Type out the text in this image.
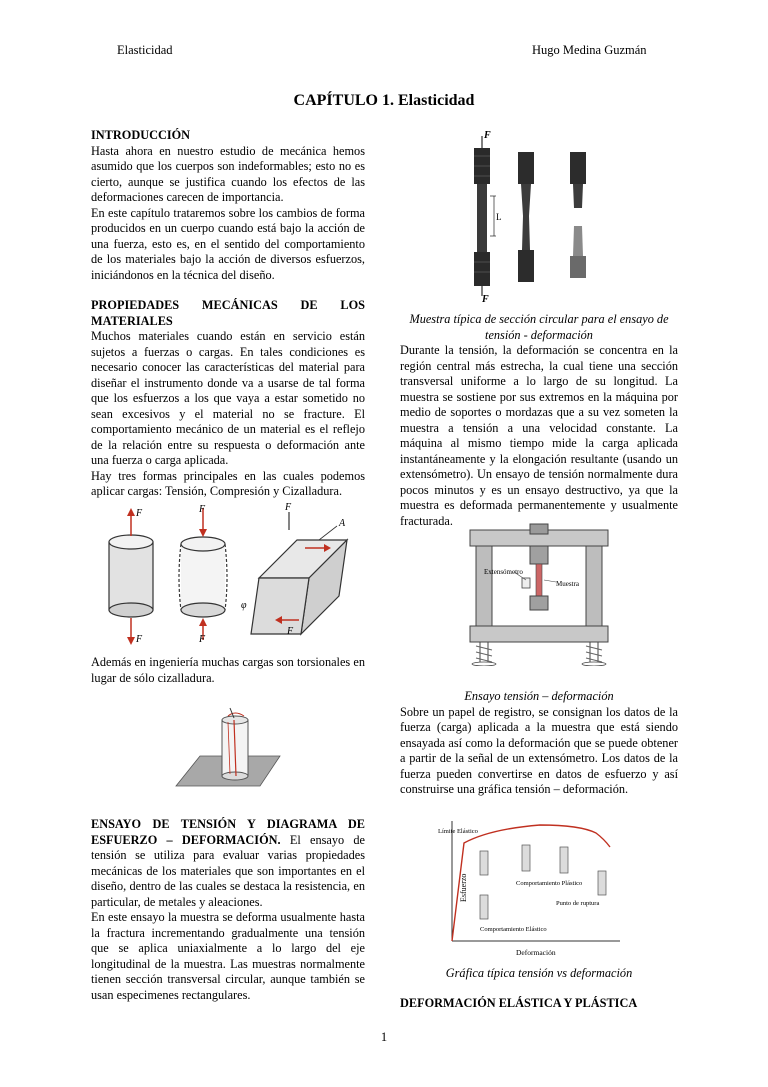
Elasticidad	Hugo Medina Guzmán
CAPÍTULO 1. Elasticidad

INTRODUCCIÓN

Hasta ahora en nuestro estudio de mecánica hemos asumido que los cuerpos son indeformables; esto no es cierto, aunque se justifica cuando los efectos de las deformaciones carecen de importancia.

En este capítulo trataremos sobre los cambios de forma producidos en un cuerpo cuando está bajo la acción de una fuerza, esto es, en el sentido del comportamiento de los materiales bajo la acción de diversos esfuerzos, iniciándonos en la técnica del diseño.

PROPIEDADES MECÁNICAS DE LOS MATERIALES

Muchos materiales cuando están en servicio están sujetos a fuerzas o cargas. En tales condiciones es necesario conocer las características del material para diseñar el instrumento donde va a usarse de tal forma que los esfuerzos a los que vaya a estar sometido no sean excesivos y el material no se fracture. El comportamiento mecánico de un material es el reflejo de la relación entre su respuesta o deformación ante una fuerza o carga aplicada.

Hay tres formas principales en las cuales podemos aplicar cargas: Tensión, Compresión y Cizalladura.

F
F
F
F
F
F
A
φ

Además en ingeniería muchas cargas son torsionales en lugar de sólo cizalladura.

ENSAYO DE TENSIÓN Y DIAGRAMA DE ESFUERZO – DEFORMACIÓN. El ensayo de tensión se utiliza para evaluar varias propiedades mecánicas de los materiales que son importantes en el diseño, dentro de las cuales se destaca la resistencia, en particular, de metales y aleaciones.

En este ensayo la muestra se deforma usualmente hasta la fractura incrementando gradualmente una tensión que se aplica uniaxialmente a lo largo del eje longitudinal de la muestra. Las muestras normalmente tienen sección transversal circular, aunque también se usan especimenes rectangulares.

F
F
L

Muestra típica de sección circular para el ensayo de tensión - deformación

Durante la tensión, la deformación se concentra en la región central más estrecha, la cual tiene una sección transversal uniforme a lo largo de su longitud. La muestra se sostiene por sus extremos en la máquina por medio de soportes o mordazas que a su vez someten la muestra a tensión a una velocidad constante. La máquina al mismo tiempo mide la carga aplicada instantáneamente y la elongación resultante (usando un extensómetro). Un ensayo de tensión normalmente dura pocos minutos y es un ensayo destructivo, ya que la muestra es deformada permanentemente y usualmente fracturada.

Extensómetro
Muestra

Ensayo tensión – deformación

Sobre un papel de registro, se consignan los datos de la fuerza (carga) aplicada a la muestra que está siendo ensayada así como la deformación que se puede obtener a partir de la señal de un extensómetro. Los datos de la fuerza pueden convertirse en datos de esfuerzo y así construirse una gráfica tensión – deformación.

Esfuerzo
Deformación
Límite Elástico
Comportamiento Plástico
Comportamiento Elástico
Punto de ruptura

Gráfica típica tensión vs deformación

DEFORMACIÓN ELÁSTICA Y PLÁSTICA

1
